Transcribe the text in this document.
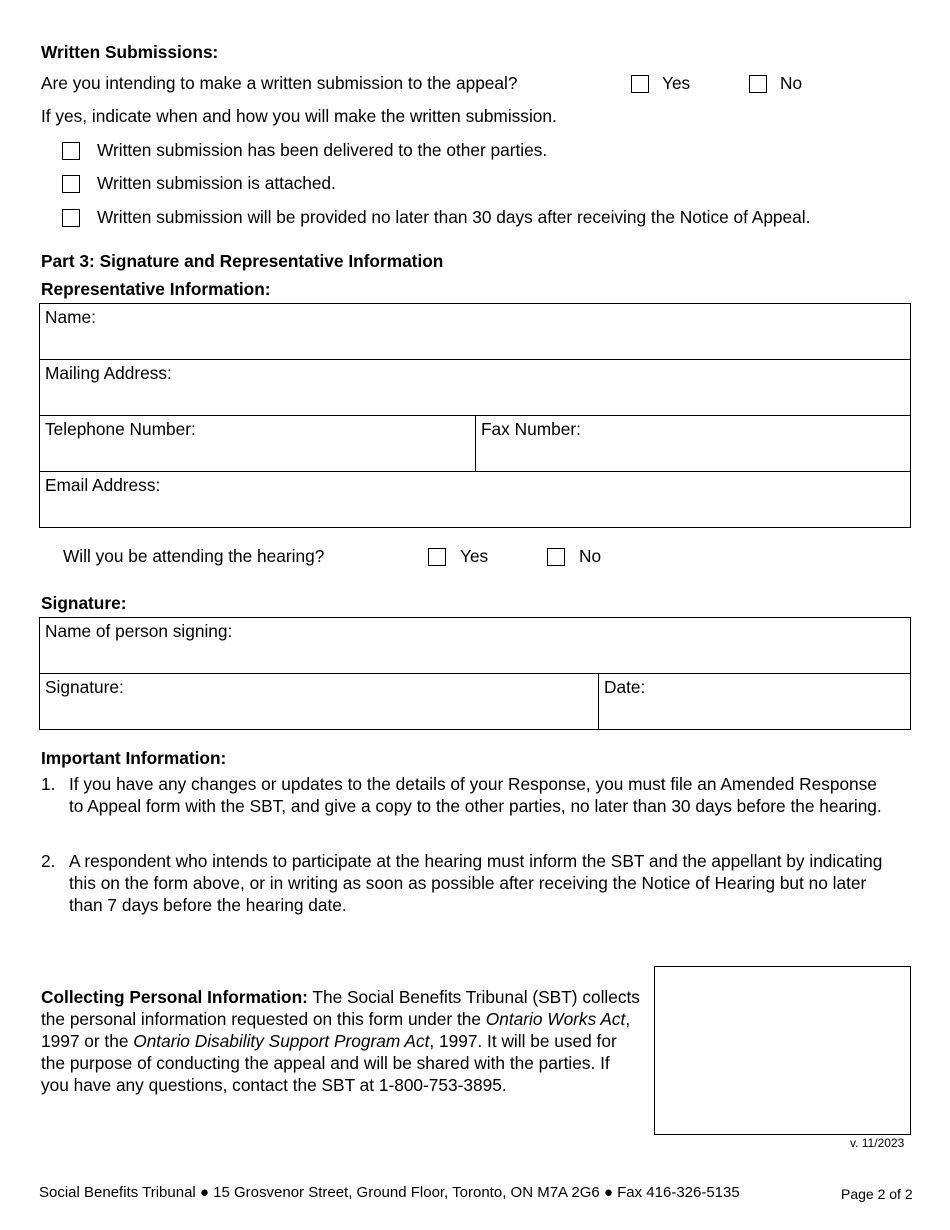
Written Submissions:
Are you intending to make a written submission to the appeal?	Yes	No
If yes, indicate when and how you will make the written submission.
Written submission has been delivered to the other parties.
Written submission is attached.
Written submission will be provided no later than 30 days after receiving the Notice of Appeal.
Part 3: Signature and Representative Information
Representative Information:
Name:
Mailing Address:
Telephone Number:	Fax Number:
Email Address:
Will you be attending the hearing?	Yes	No
Signature:
Name of person signing:
Signature:	Date:
Important Information:
1. If you have any changes or updates to the details of your Response, you must file an Amended Response to Appeal form with the SBT, and give a copy to the other parties, no later than 30 days before the hearing.
2. A respondent who intends to participate at the hearing must inform the SBT and the appellant by indicating this on the form above, or in writing as soon as possible after receiving the Notice of Hearing but no later than 7 days before the hearing date.
Collecting Personal Information: The Social Benefits Tribunal (SBT) collects the personal information requested on this form under the Ontario Works Act, 1997 or the Ontario Disability Support Program Act, 1997. It will be used for the purpose of conducting the appeal and will be shared with the parties. If you have any questions, contact the SBT at 1-800-753-3895.
v. 11/2023
Social Benefits Tribunal ● 15 Grosvenor Street, Ground Floor, Toronto, ON M7A 2G6 ● Fax 416-326-5135	Page 2 of 2
